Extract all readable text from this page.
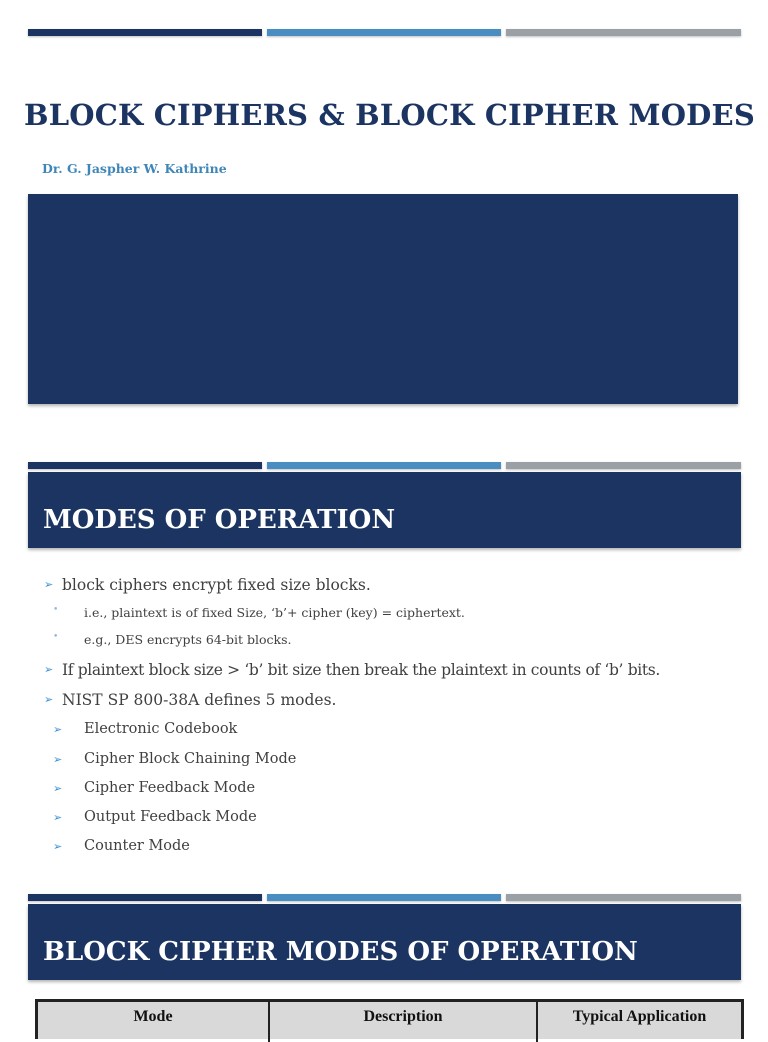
BLOCK CIPHERS & BLOCK CIPHER MODES
Dr. G. Jaspher W. Kathrine
MODES OF OPERATION
➢ block ciphers encrypt fixed size blocks.
• i.e., plaintext is of fixed Size, ‘b’+ cipher (key) = ciphertext.
• e.g., DES encrypts 64-bit blocks.
➢ If plaintext block size > ‘b’ bit size then break the plaintext in counts of ‘b’ bits.
➢ NIST SP 800-38A defines 5 modes.
➢ Electronic Codebook
➢ Cipher Block Chaining Mode
➢ Cipher Feedback Mode
➢ Output Feedback Mode
➢ Counter Mode
BLOCK CIPHER MODES OF OPERATION
Mode	Description	Typical Application
